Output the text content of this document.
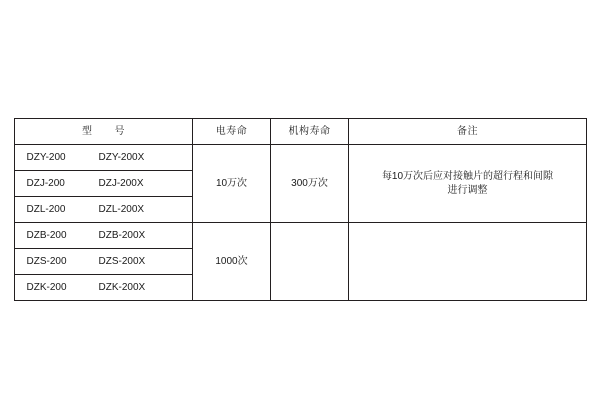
型 号	电寿命	机构寿命	备注
DZY-200 DZY-200X	10万次	300万次	每10万次后应对接触片的超行程和间隙
进行调整

DZJ-200 DZJ-200X			
DZL-200 DZL-200X			
DZB-200 DZB-200X	1000次		
DZS-200 DZS-200X			
DZK-200 DZK-200X			
